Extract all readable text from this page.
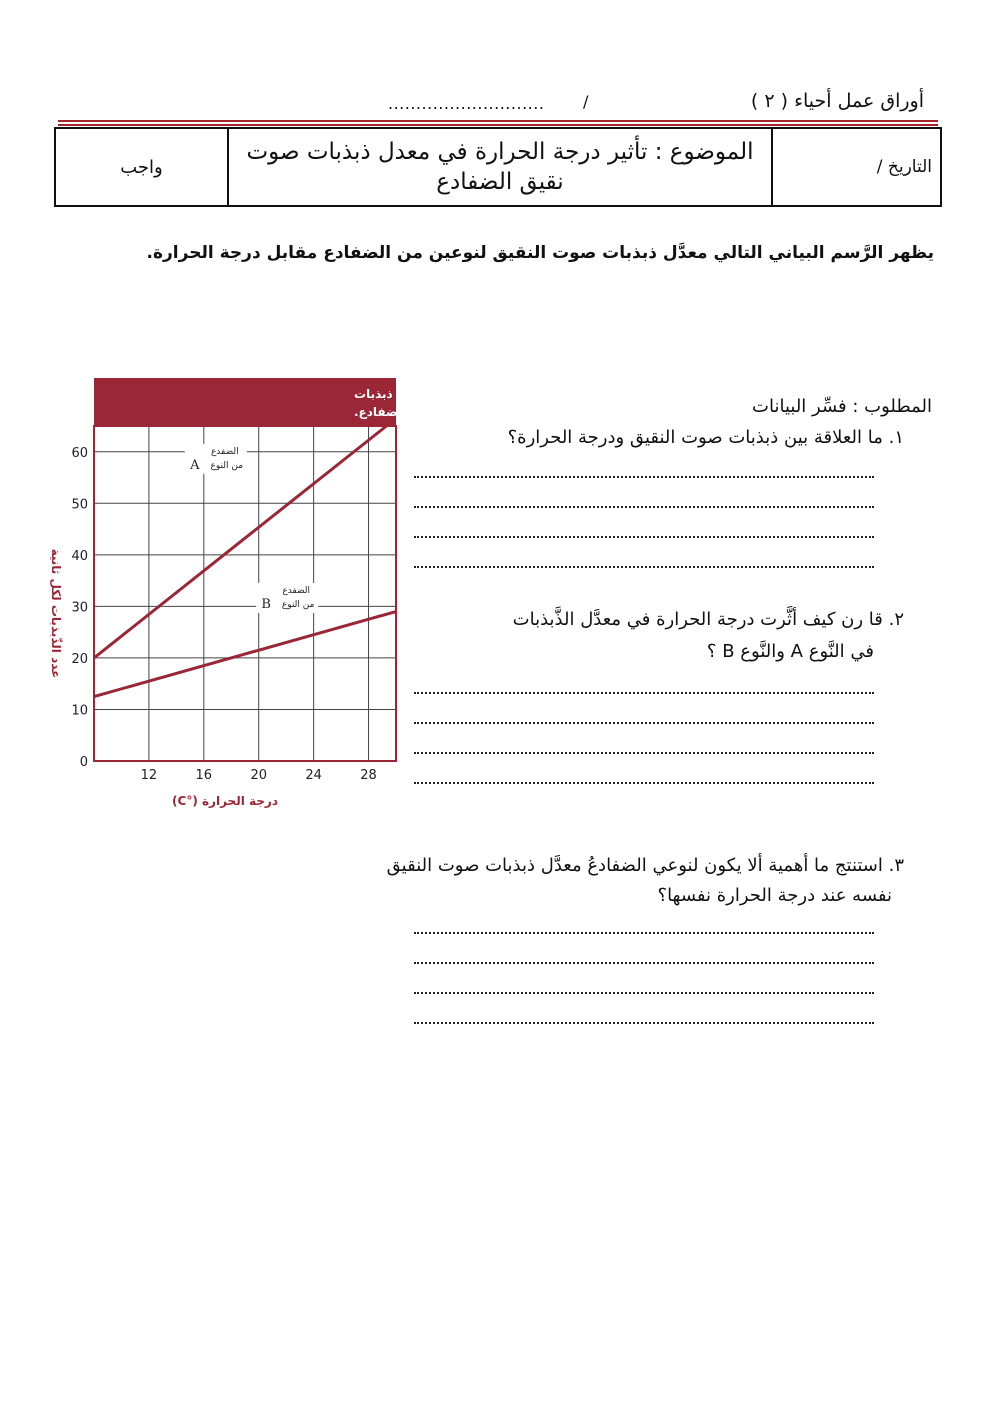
أوراق عمل أحياء ( ٢ )
/
............................
التاريخ /	الموضوع : تأثير درجة الحرارة في معدل ذبذبات صوت نقيق الضفادع	واجب
يظهر الرَّسم البياني التالي معدَّل ذبذبات صوت النقيق لنوعين من الضفادع مقابل درجة الحرارة.
تأثير درجة الحرارة في معدّل ذبذبات
صوت النقيق في الضفادع.
0
10
20
30
40
50
60
12	16	20	24	28
الضفدع
من النوع
A
الضفدع
من النوع
B
درجة الحرارة (°C)
عدد الذّبذبات لكل ثانية
المطلوب : فسِّر البيانات
١. ما العلاقة بين ذبذبات صوت النقيق ودرجة الحرارة؟
٢. قا رن كيف أثَّرت درجة الحرارة في معدَّل الذَّبذبات
في النَّوع A والنَّوع B ؟
٣. استنتج ما أهمية ألا يكون لنوعي الضفادعُ معدَّل ذبذبات صوت النقيق
نفسه عند درجة الحرارة نفسها؟
